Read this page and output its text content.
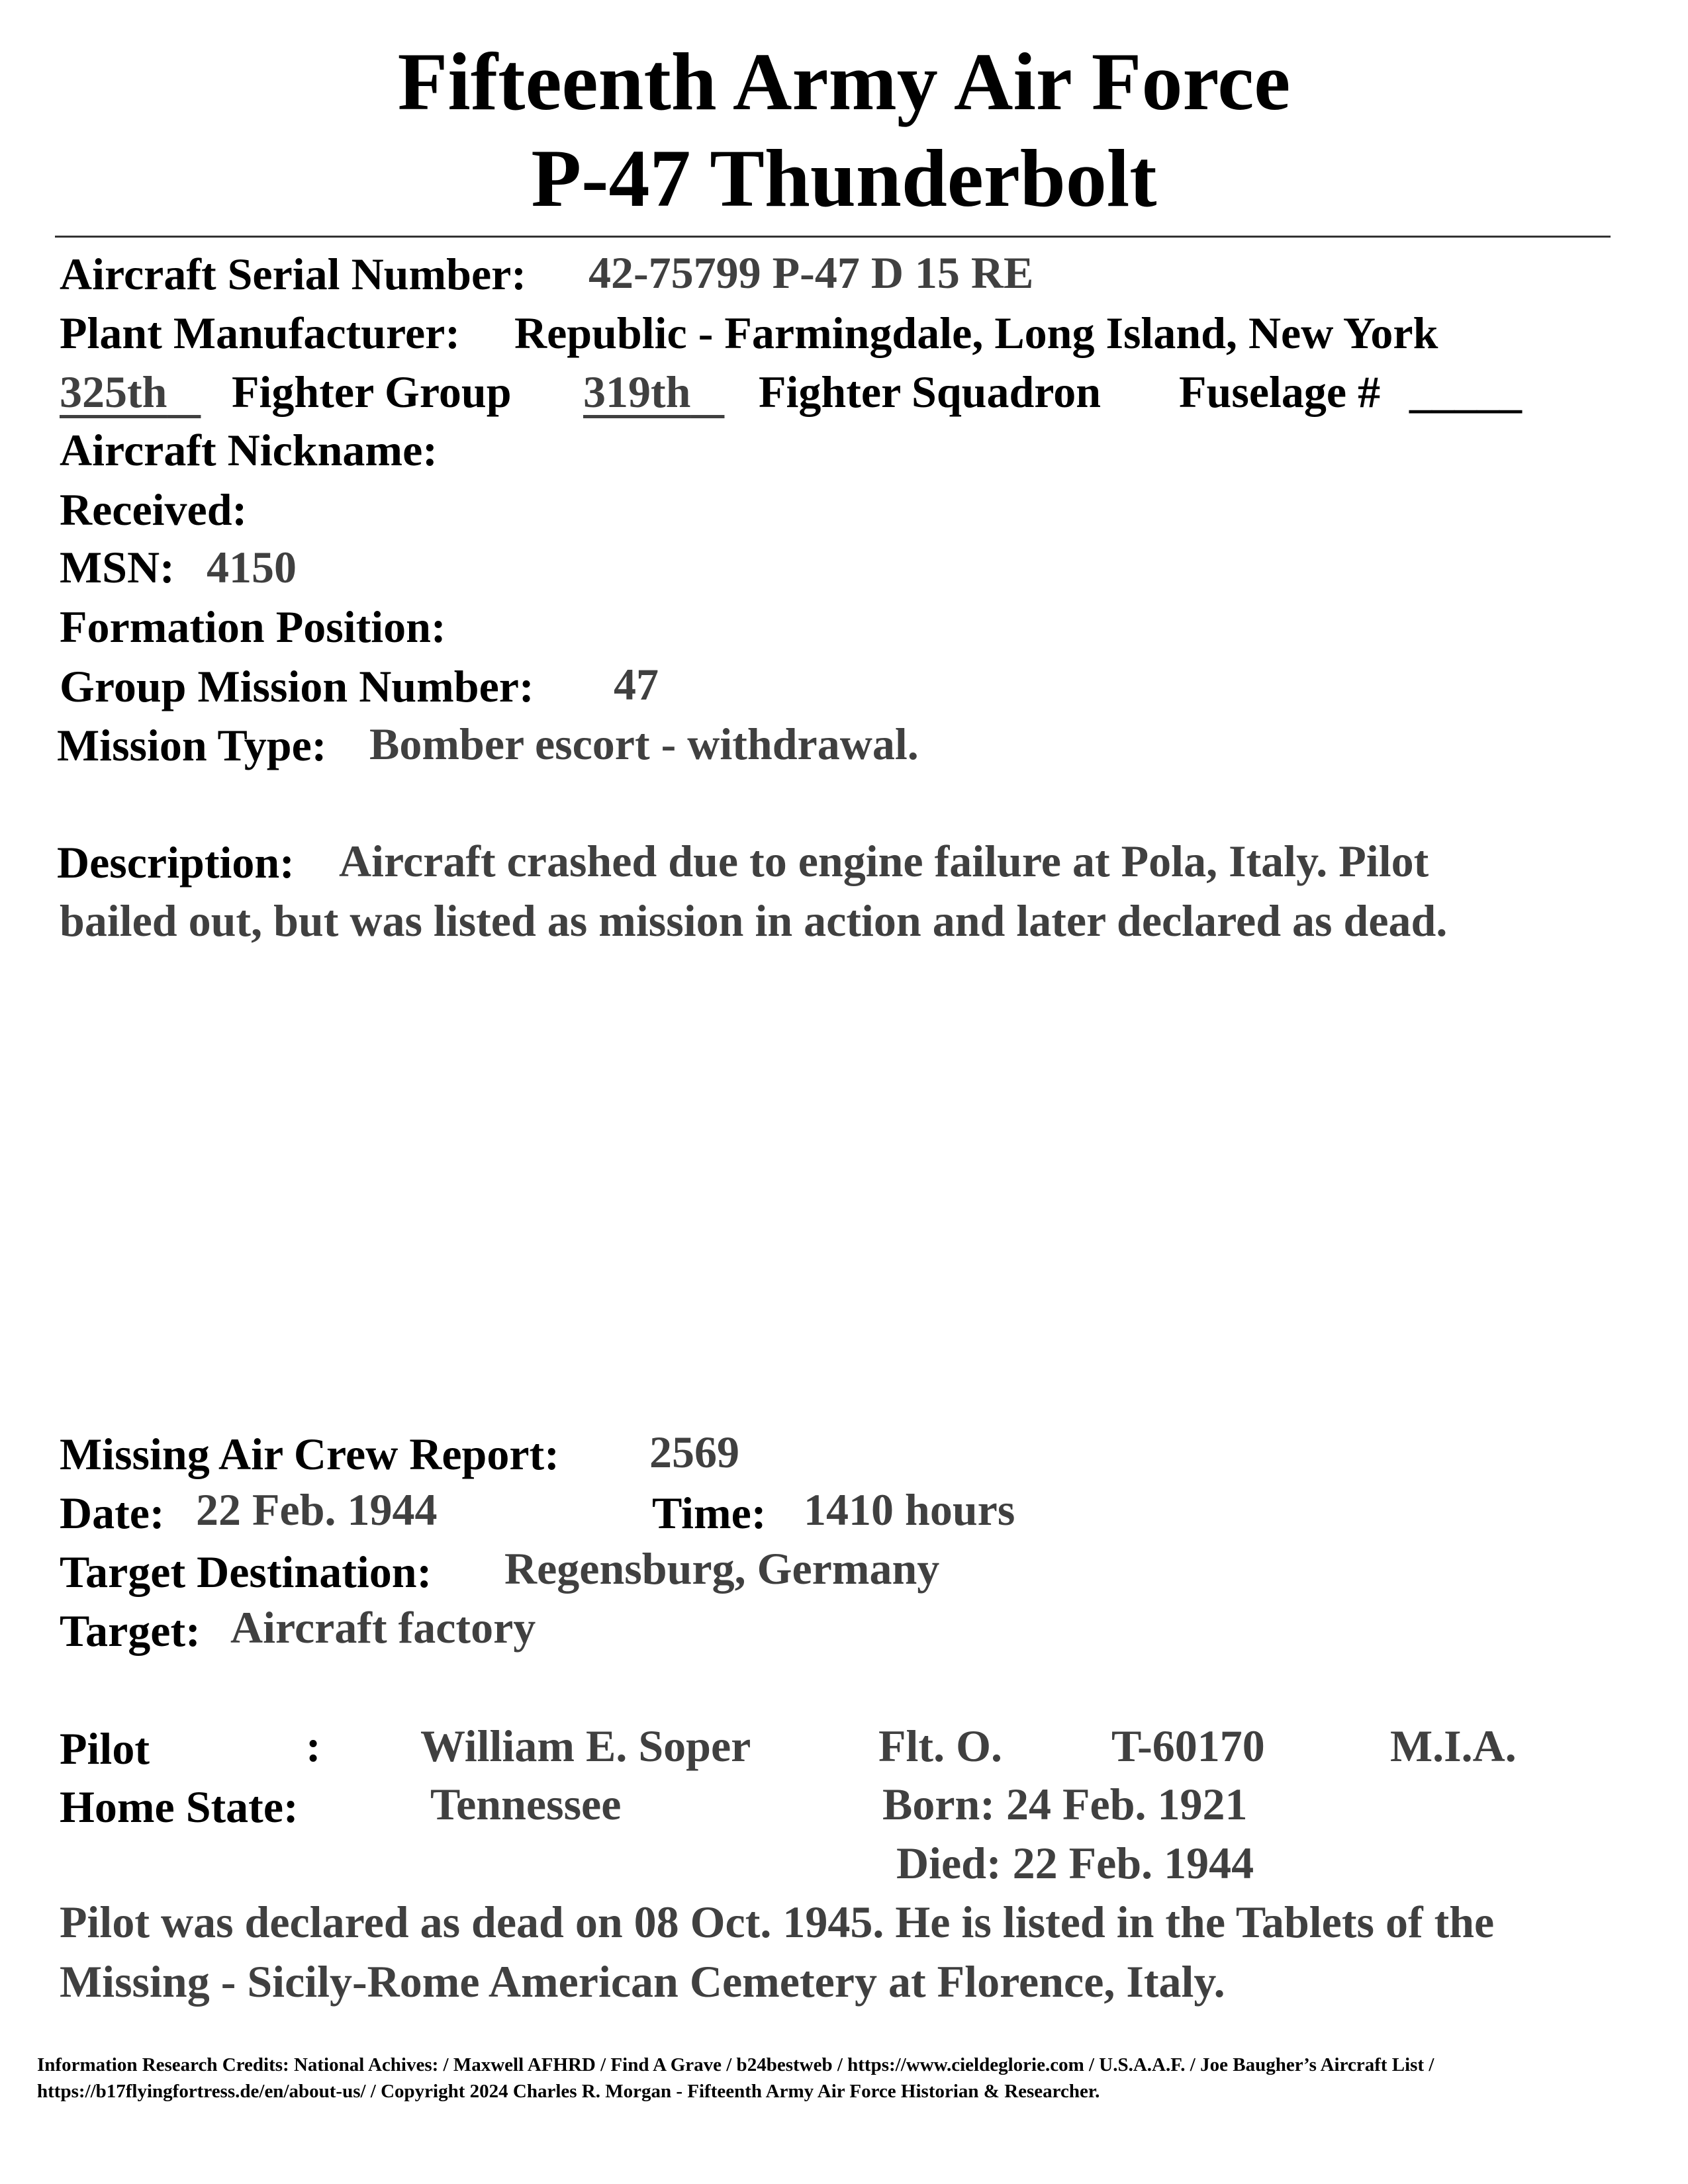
Fifteenth Army Air Force
P-47 Thunderbolt
Aircraft Serial Number: 42-75799 P-47 D 15 RE
Plant Manufacturer: Republic - Farmingdale, Long Island, New York
325th	Fighter Group 319th	Fighter Squadron Fuselage # _____
Aircraft Nickname:
Received:
MSN: 4150
Formation Position:
Group Mission Number: 47
Mission Type: Bomber escort - withdrawal.
Description: Aircraft crashed due to engine failure at Pola, Italy. Pilot
bailed out, but was listed as mission in action and later declared as dead.
Missing Air Crew Report: 2569
Date: 22 Feb. 1944	Time: 1410 hours
Target Destination: Regensburg, Germany
Target: Aircraft factory
Pilot	: William E. Soper	Flt. O. T-60170	M.I.A.
Home State:	Tennessee	Born: 24 Feb. 1921
Died: 22 Feb. 1944
Pilot was declared as dead on 08 Oct. 1945. He is listed in the Tablets of the
Missing - Sicily-Rome American Cemetery at Florence, Italy.
Information Research Credits: National Achives: / Maxwell AFHRD / Find A Grave / b24bestweb / https://www.cieldeglorie.com / U.S.A.A.F. / Joe Baugher’s Aircraft List /
https://b17flyingfortress.de/en/about-us/ / Copyright 2024 Charles R. Morgan - Fifteenth Army Air Force Historian & Researcher.
